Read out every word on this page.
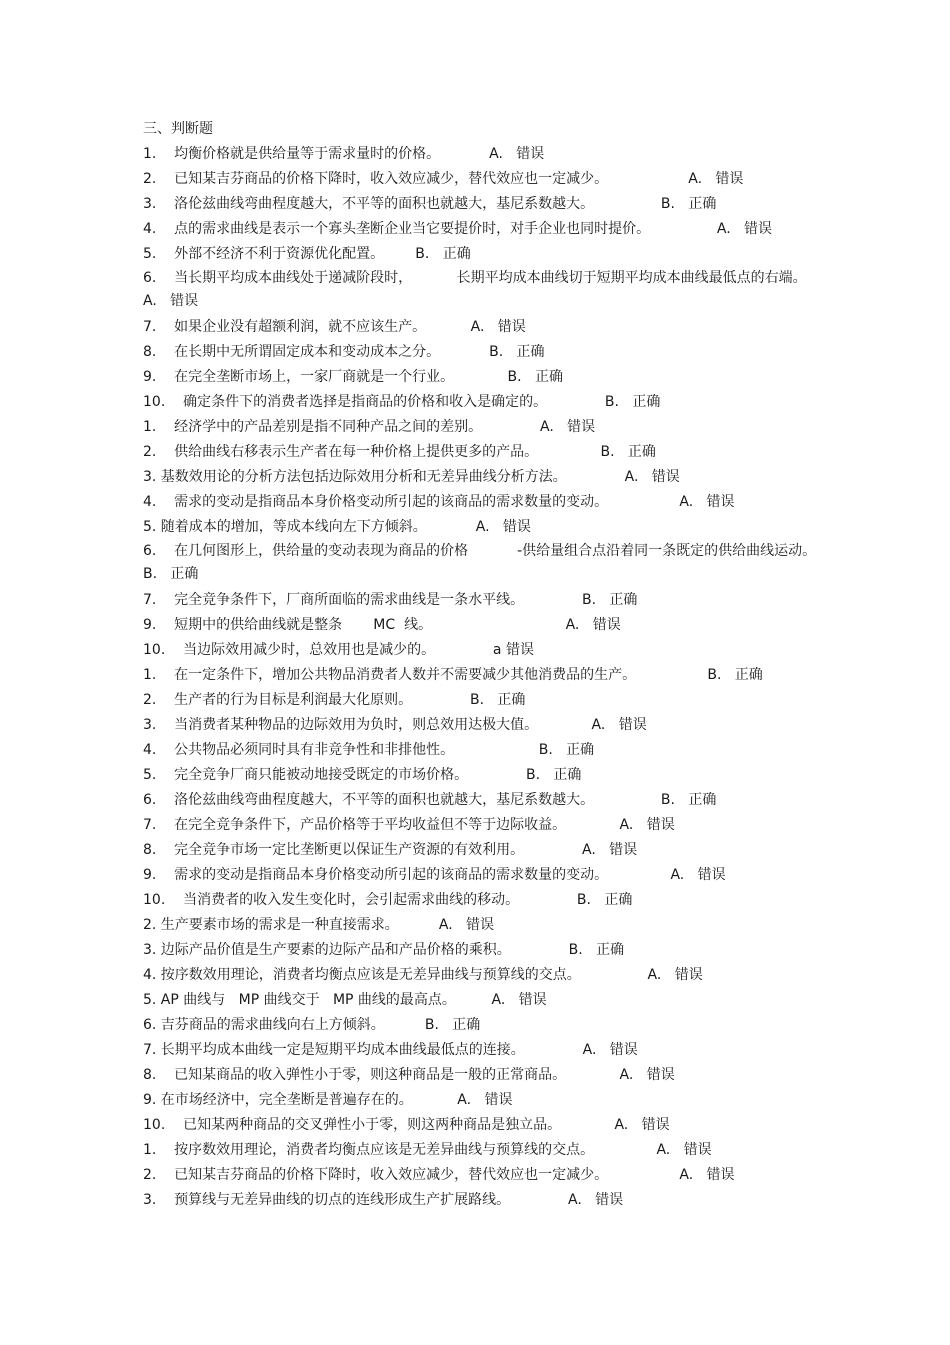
三、判断题
1.    均衡价格就是供给量等于需求量时的价格。           A.   错误
2.    已知某吉芬商品的价格下降时，收入效应减少，替代效应也一定减少。                  A.   错误
3.    洛伦兹曲线弯曲程度越大，不平等的面积也就越大，基尼系数越大。               B.   正确
4.    点的需求曲线是表示一个寡头垄断企业当它要提价时，对手企业也同时提价。               A.   错误
5.    外部不经济不利于资源优化配置。       B.   正确
6.    当长期平均成本曲线处于递减阶段时，          长期平均成本曲线切于短期平均成本曲线最低点的右端。   A.   错误
7.    如果企业没有超额利润，就不应该生产。          A.   错误
8.    在长期中无所谓固定成本和变动成本之分。           B.   正确
9.    在完全垄断市场上，一家厂商就是一个行业。            B.   正确
10.    确定条件下的消费者选择是指商品的价格和收入是确定的。             B.   正确
1.    经济学中的产品差别是指不同种产品之间的差别。             A.   错误
2.    供给曲线右移表示生产者在每一种价格上提供更多的产品。              B.   正确
3. 基数效用论的分析方法包括边际效用分析和无差异曲线分析方法。             A.   错误
4.    需求的变动是指商品本身价格变动所引起的该商品的需求数量的变动。                A.   错误
5. 随着成本的增加，等成本线向左下方倾斜。           A.   错误
6.    在几何图形上，供给量的变动表现为商品的价格           -供给量组合点沿着同一条既定的供给曲线运动。   B.   正确
7.    完全竞争条件下，厂商所面临的需求曲线是一条水平线。             B.   正确
9.    短期中的供给曲线就是整条       MC  线。                              A.   错误
10.    当边际效用减少时，总效用也是减少的。             a 错误
1.    在一定条件下，增加公共物品消费者人数并不需要减少其他消费品的生产。                B.   正确
2.    生产者的行为目标是利润最大化原则。             B.   正确
3.    当消费者某种物品的边际效用为负时，则总效用达极大值。            A.   错误
4.    公共物品必须同时具有非竞争性和非排他性。                   B.   正确
5.    完全竞争厂商只能被动地接受既定的市场价格。             B.   正确
6.    洛伦兹曲线弯曲程度越大，不平等的面积也就越大，基尼系数越大。               B.   正确
7.    在完全竞争条件下，产品价格等于平均收益但不等于边际收益。            A.   错误
8.    完全竞争市场一定比垄断更以保证生产资源的有效利用。             A.   错误
9.    需求的变动是指商品本身价格变动所引起的该商品的需求数量的变动。              A.   错误
10.    当消费者的收入发生变化时，会引起需求曲线的移动。             B.   正确
2. 生产要素市场的需求是一种直接需求。         A.   错误
3. 边际产品价值是生产要素的边际产品和产品价格的乘积。             B.   正确
4. 按序数效用理论，消费者均衡点应该是无差异曲线与预算线的交点。               A.   错误
5. AP 曲线与   MP 曲线交于   MP 曲线的最高点。        A.   错误
6. 吉芬商品的需求曲线向右上方倾斜。         B.   正确
7. 长期平均成本曲线一定是短期平均成本曲线最低点的连接。             A.   错误
8.    已知某商品的收入弹性小于零，则这种商品是一般的正常商品。            A.   错误
9. 在市场经济中，完全垄断是普遍存在的。          A.   错误
10.    已知某两种商品的交叉弹性小于零，则这两种商品是独立品。            A.   错误
1.    按序数效用理论，消费者均衡点应该是无差异曲线与预算线的交点。              A.   错误
2.    已知某吉芬商品的价格下降时，收入效应减少，替代效应也一定减少。                A.   错误
3.    预算线与无差异曲线的切点的连线形成生产扩展路线。             A.   错误
